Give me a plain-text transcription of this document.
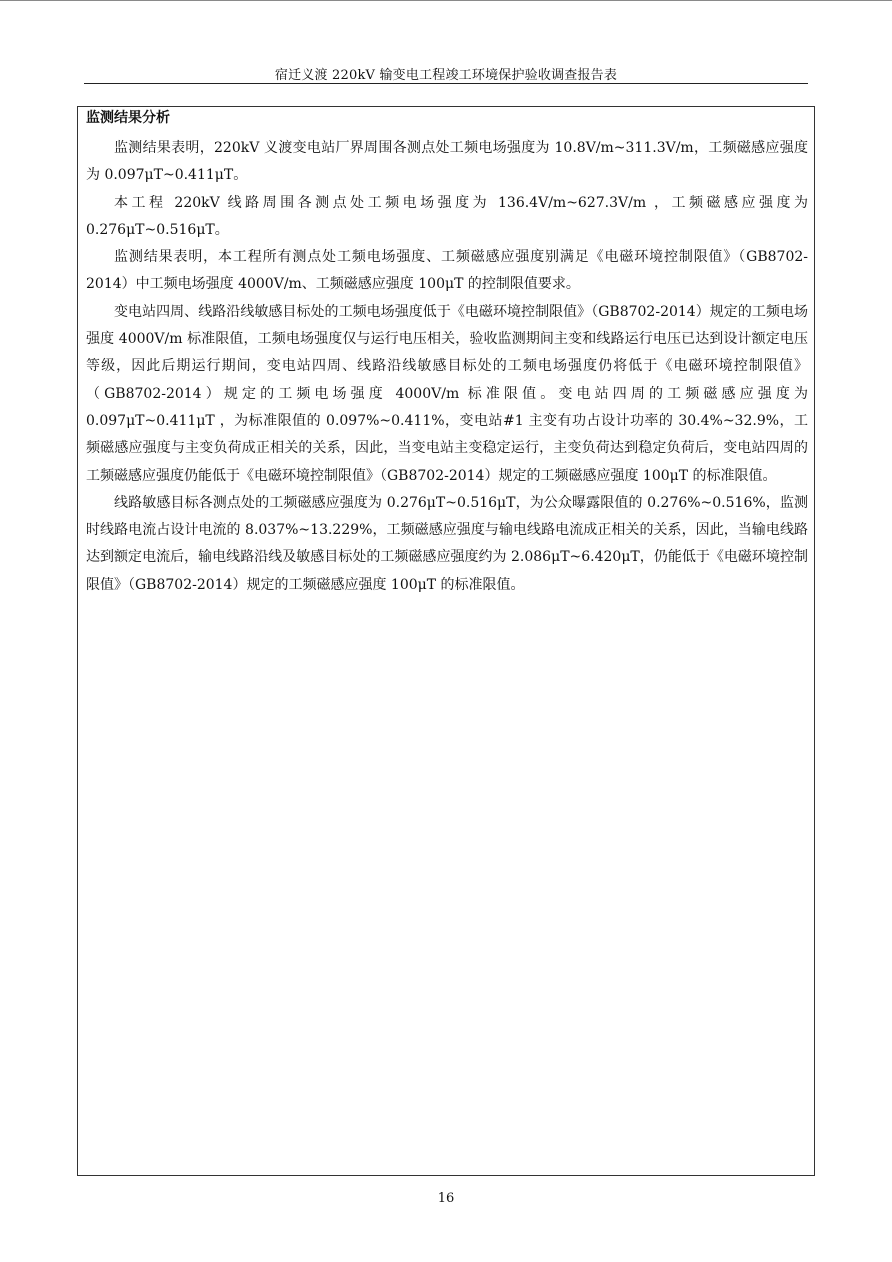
宿迁义渡 220kV 输变电工程竣工环境保护验收调查报告表
监测结果分析

监测结果表明，220kV 义渡变电站厂界周围各测点处工频电场强度为 10.8V/m~311.3V/m，工频磁感应强度为 0.097μT~0.411μT。

本工程 220kV 线路周围各测点处工频电场强度为 136.4V/m~627.3V/m ，工频磁感应强度为 0.276μT~0.516μT。

监测结果表明，本工程所有测点处工频电场强度、工频磁感应强度别满足《电磁环境控制限值》（GB8702-2014）中工频电场强度 4000V/m、工频磁感应强度 100μT 的控制限值要求。

变电站四周、线路沿线敏感目标处的工频电场强度低于《电磁环境控制限值》（GB8702-2014）规定的工频电场强度 4000V/m 标准限值，工频电场强度仅与运行电压相关，验收监测期间主变和线路运行电压已达到设计额定电压等级，因此后期运行期间，变电站四周、线路沿线敏感目标处的工频电场强度仍将低于《电磁环境控制限值》（GB8702-2014）规定的工频电场强度 4000V/m 标准限值。变电站四周的工频磁感应强度为 0.097μT~0.411μT ，为标准限值的 0.097%~0.411%，变电站#1 主变有功占设计功率的 30.4%~32.9%，工频磁感应强度与主变负荷成正相关的关系，因此，当变电站主变稳定运行，主变负荷达到稳定负荷后，变电站四周的工频磁感应强度仍能低于《电磁环境控制限值》（GB8702-2014）规定的工频磁感应强度 100μT 的标准限值。

线路敏感目标各测点处的工频磁感应强度为 0.276μT~0.516μT，为公众曝露限值的 0.276%~0.516%，监测时线路电流占设计电流的 8.037%~13.229%，工频磁感应强度与输电线路电流成正相关的关系，因此，当输电线路达到额定电流后，输电线路沿线及敏感目标处的工频磁感应强度约为 2.086μT~6.420μT，仍能低于《电磁环境控制限值》（GB8702-2014）规定的工频磁感应强度 100μT 的标准限值。

16
